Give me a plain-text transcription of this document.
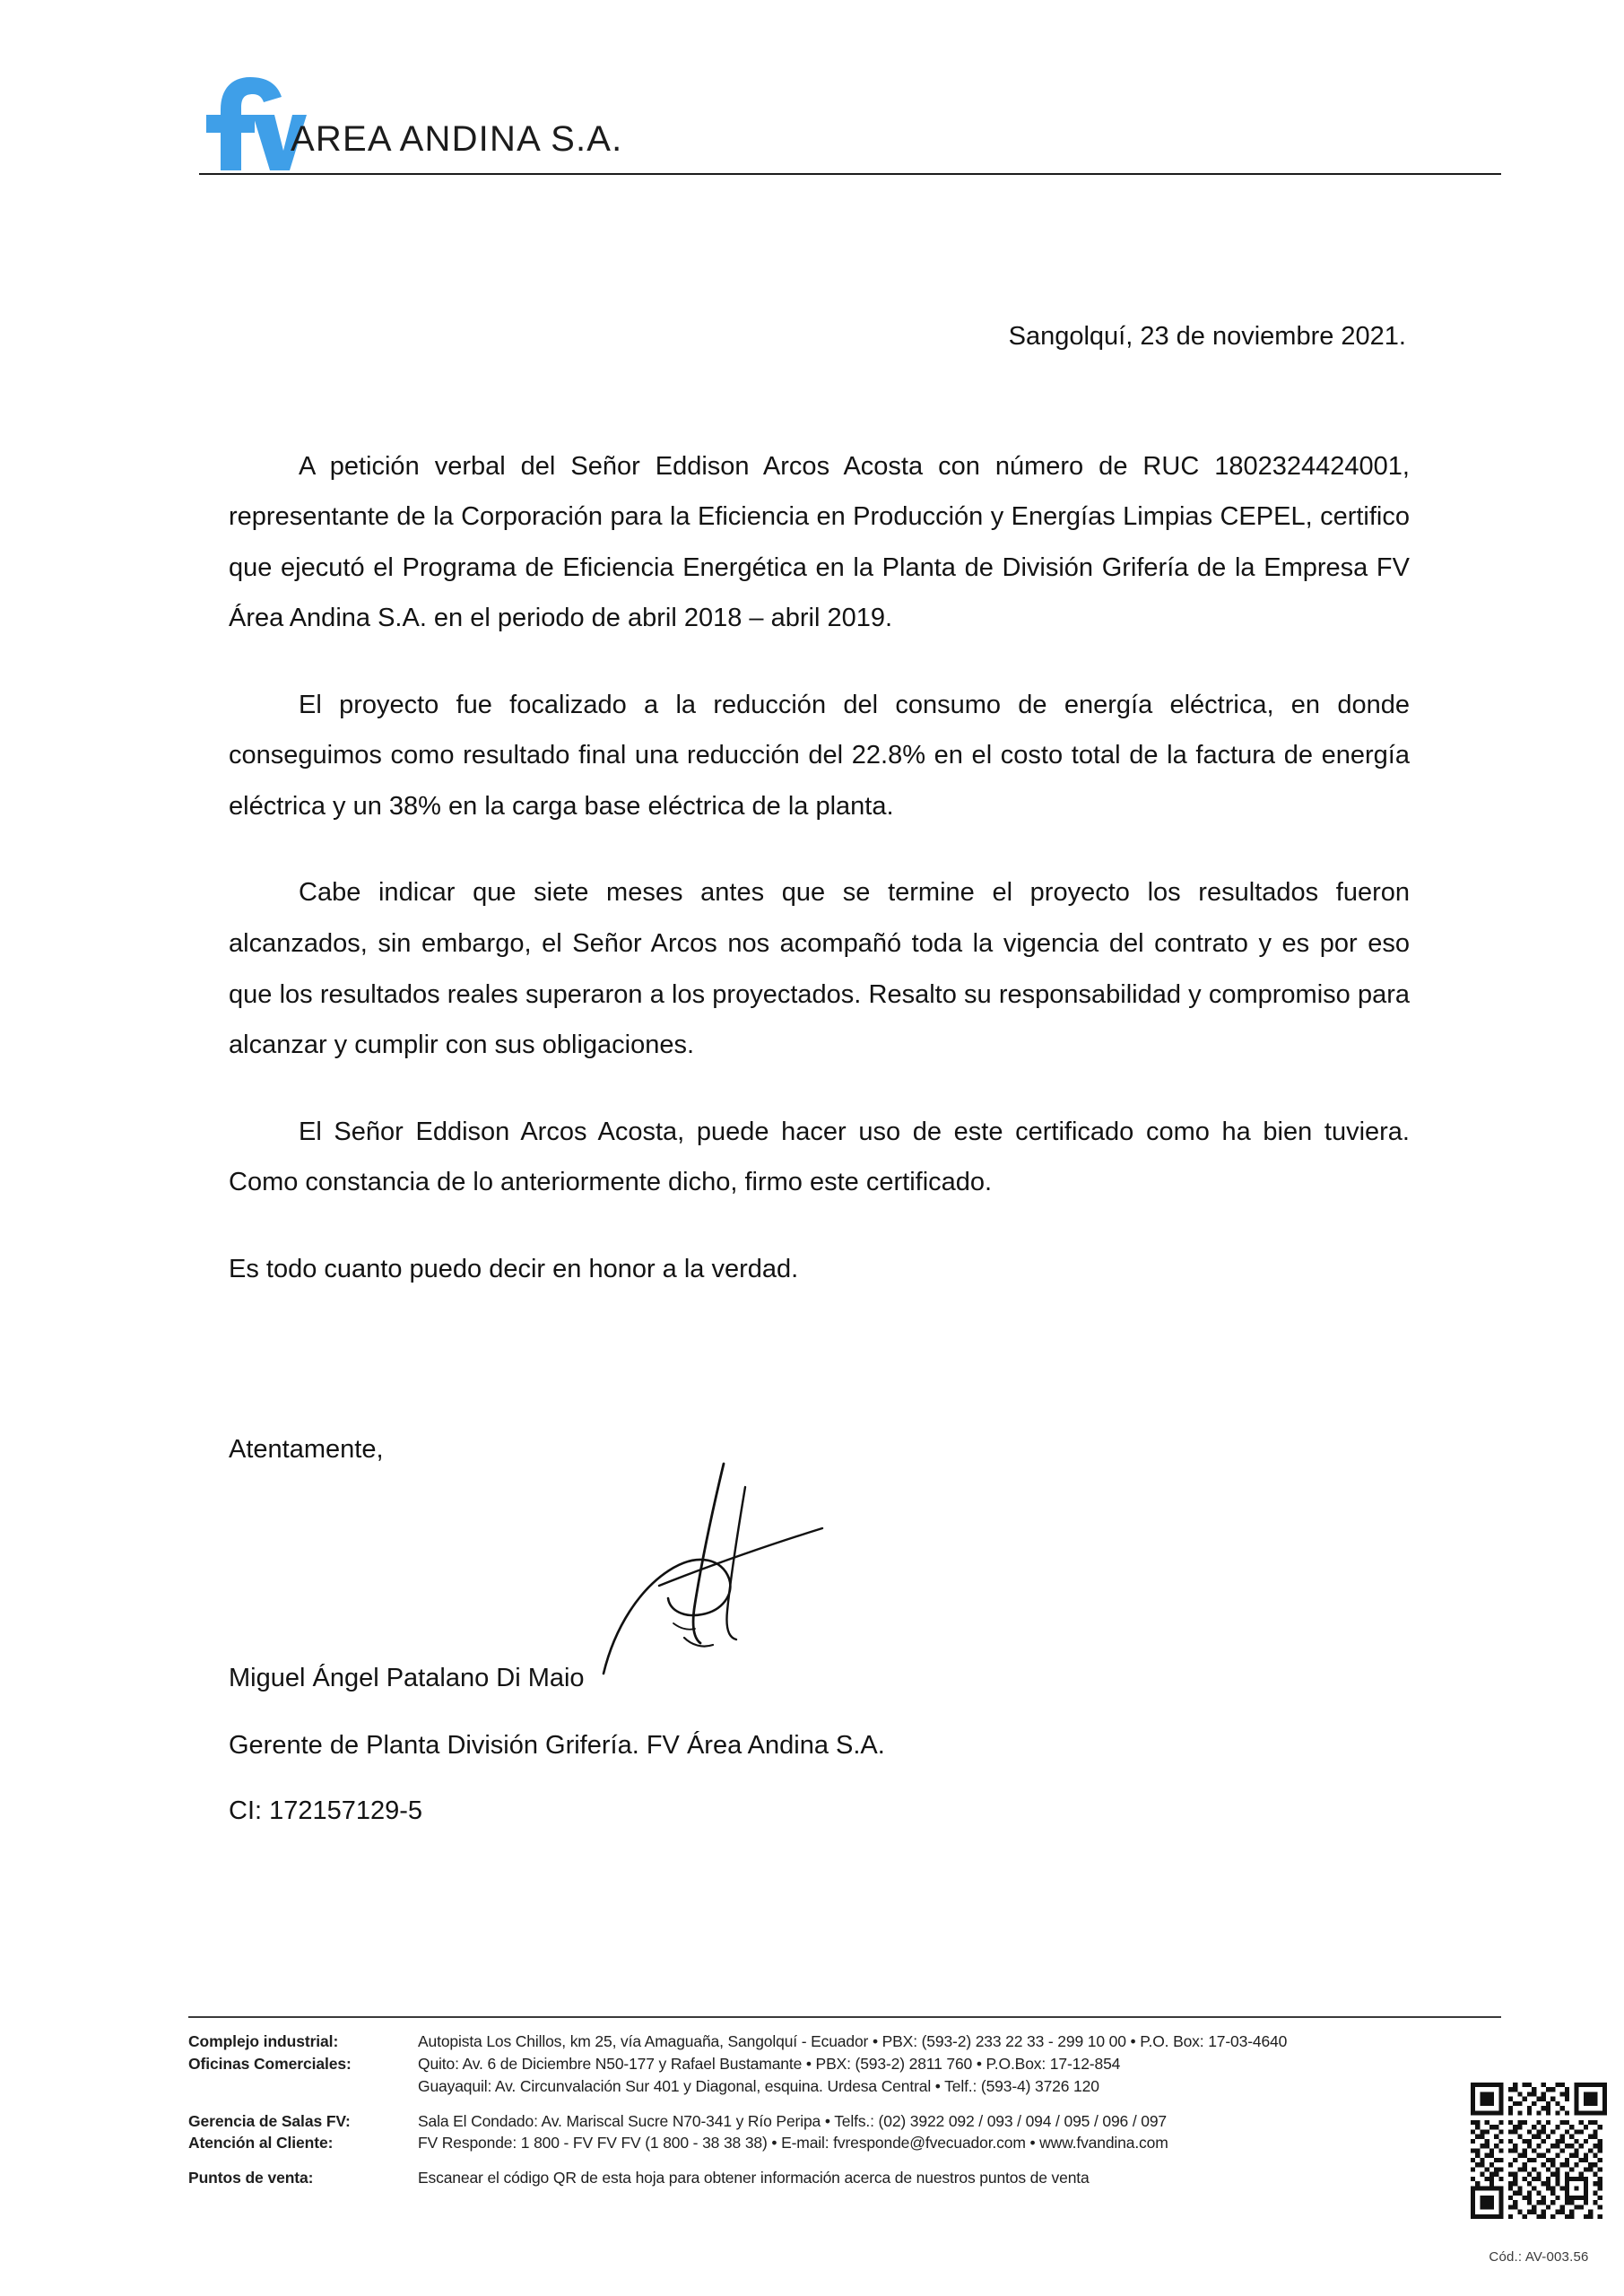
AREA ANDINA S.A.

Sangolquí, 23 de noviembre 2021.

A petición verbal del Señor Eddison Arcos Acosta con número de RUC 1802324424001, representante de la Corporación para la Eficiencia en Producción y Energías Limpias CEPEL, certifico que ejecutó el Programa de Eficiencia Energética en la Planta de División Grifería de la Empresa FV Área Andina S.A. en el periodo de abril 2018 – abril 2019.

El proyecto fue focalizado a la reducción del consumo de energía eléctrica, en donde conseguimos como resultado final una reducción del 22.8% en el costo total de la factura de energía eléctrica y un 38% en la carga base eléctrica de la planta.

Cabe indicar que siete meses antes que se termine el proyecto los resultados fueron alcanzados, sin embargo, el Señor Arcos nos acompañó toda la vigencia del contrato y es por eso que los resultados reales superaron a los proyectados. Resalto su responsabilidad y compromiso para alcanzar y cumplir con sus obligaciones.

El Señor Eddison Arcos Acosta, puede hacer uso de este certificado como ha bien tuviera. Como constancia de lo anteriormente dicho, firmo este certificado.

Es todo cuanto puedo decir en honor a la verdad.

Atentamente,

Miguel Ángel Patalano Di Maio

Gerente de Planta División Grifería. FV Área Andina S.A.

CI: 172157129-5

Complejo industrial:	Autopista Los Chillos, km 25, vía Amaguaña, Sangolquí - Ecuador • PBX: (593-2) 233 22 33 - 299 10 00 • P.O. Box: 17-03-4640
Oficinas Comerciales:	Quito: Av. 6 de Diciembre N50-177 y Rafael Bustamante • PBX: (593-2) 2811 760 • P.O.Box: 17-12-854
Guayaquil: Av. Circunvalación Sur 401 y Diagonal, esquina. Urdesa Central • Telf.: (593-4) 3726 120
Gerencia de Salas FV:	Sala El Condado: Av. Mariscal Sucre N70-341 y Río Peripa • Telfs.: (02) 3922 092 / 093 / 094 / 095 / 096 / 097
Atención al Cliente:	FV Responde: 1 800 - FV FV FV (1 800 - 38 38 38) • E-mail: fvresponde@fvecuador.com • www.fvandina.com
Puntos de venta:	Escanear el código QR de esta hoja para obtener información acerca de nuestros puntos de venta
Cód.: AV-003.56
